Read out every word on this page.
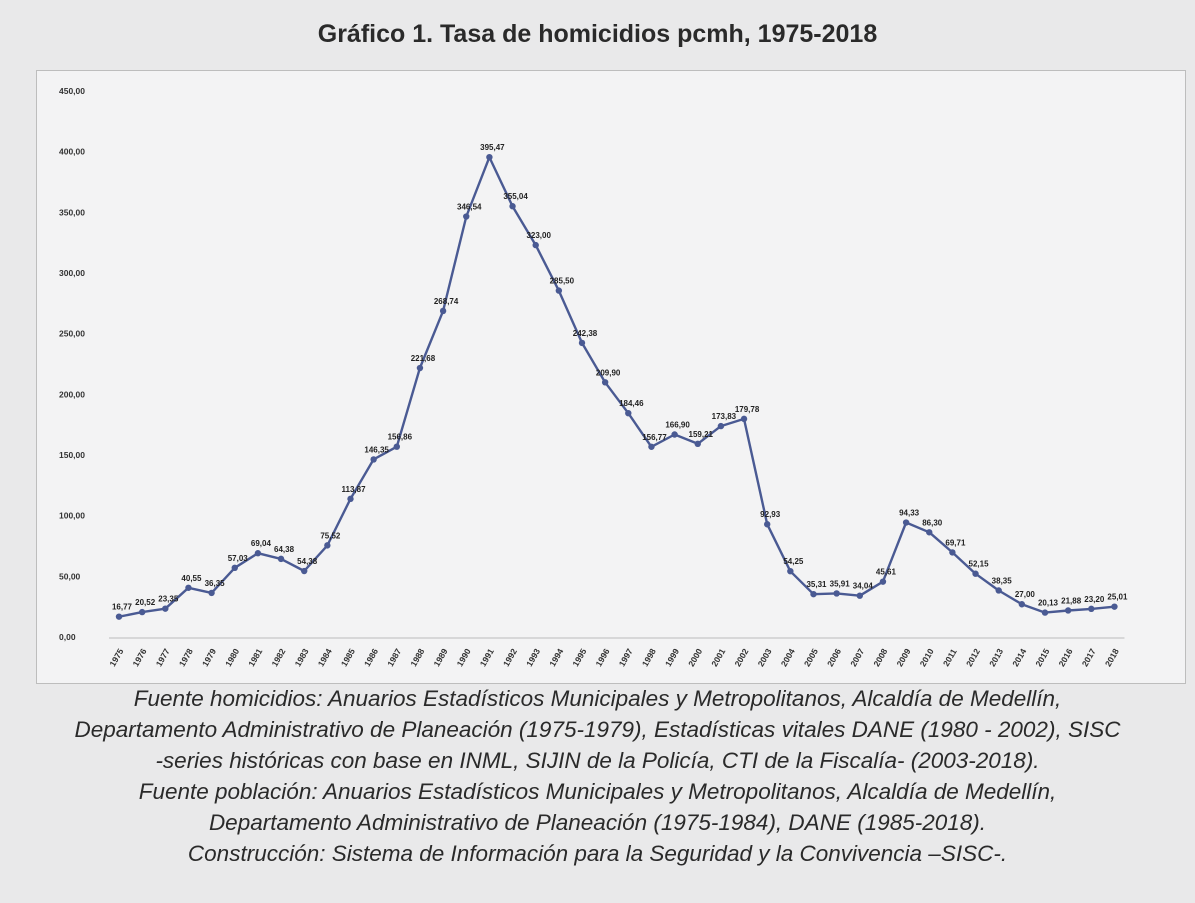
Gráfico 1. Tasa de homicidios pcmh, 1975-2018
0,00
50,00
100,00
150,00
200,00
250,00
300,00
350,00
400,00
450,00
1975 1976 1977 1978 1979 1980 1981 1982 1983 1984 1985 1986 1987 1988 1989 1990 1991 1992 1993 1994 1995 1996 1997 1998 1999 2000 2001 2002 2003 2004 2005 2006 2007 2008 2009 2010 2011 2012 2013 2014 2015 2016 2017 2018
16,77
20,52 23,35
40,55
36,35
57,03
69,04
64,38
54,38
75,52
113,87
146,35
156,86
221,68
268,74
346,54
395,47
355,04
323,00
285,50
242,38
209,90
184,46
156,77
166,90
159,21
173,83
179,78
92,93
54,25
35,31 35,91 34,04
45,61
94,33
86,30
69,71
52,15
38,35
27,00
20,13 21,88 23,20 25,01
Fuente homicidios: Anuarios Estadísticos Municipales y Metropolitanos, Alcaldía de Medellín,
Departamento Administrativo de Planeación (1975-1979), Estadísticas vitales DANE (1980 - 2002), SISC
-series históricas con base en INML, SIJIN de la Policía, CTI de la Fiscalía- (2003-2018).
Fuente población: Anuarios Estadísticos Municipales y Metropolitanos, Alcaldía de Medellín,
Departamento Administrativo de Planeación (1975-1984), DANE (1985-2018).
Construcción: Sistema de Información para la Seguridad y la Convivencia –SISC-.
